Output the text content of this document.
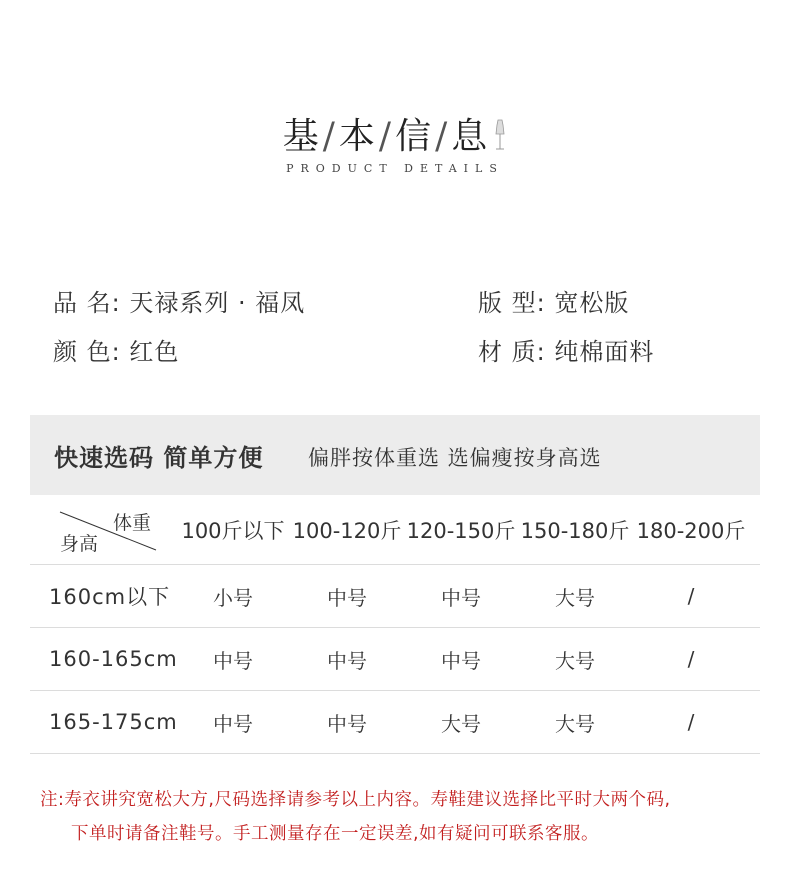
基/本/信/息
PRODUCT DETAILS
品 名: 天禄系列 · 福凤	版 型: 宽松版
颜 色: 红色	材 质: 纯棉面料
快速选码 简单方便 偏胖按体重选 选偏瘦按身高选
体重
身高
100斤以下 100-120斤 120-150斤 150-180斤 180-200斤
160cm以下	小号	中号	中号	大号	/
160-165cm	中号	中号	中号	大号	/
165-175cm	中号	中号	大号	大号	/
注:寿衣讲究宽松大方,尺码选择请参考以上内容。寿鞋建议选择比平时大两个码,
下单时请备注鞋号。手工测量存在一定误差,如有疑问可联系客服。
